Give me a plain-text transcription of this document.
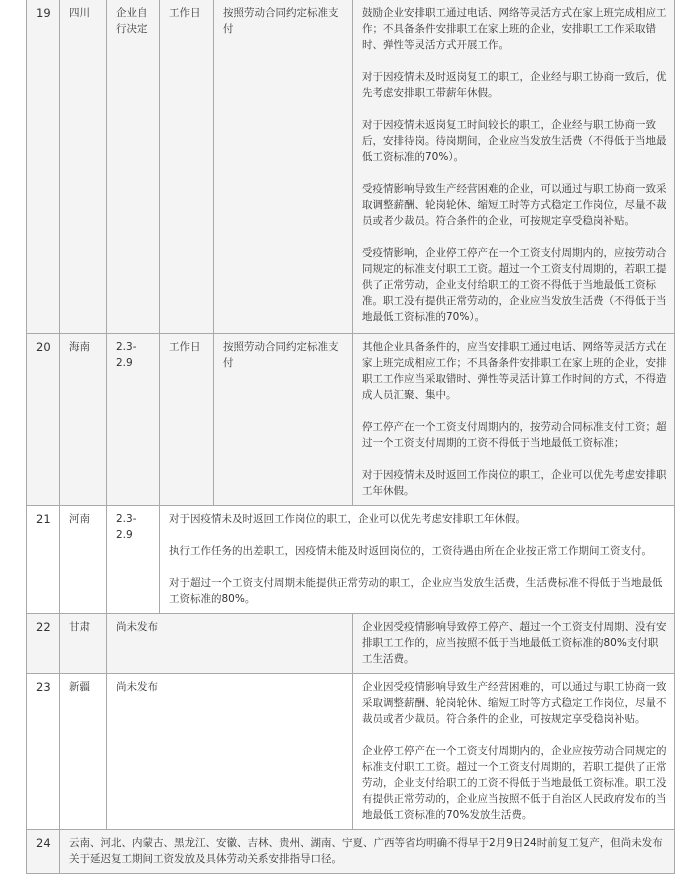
19	四川	企业自行决定	工作日	按照劳动合同约定标准支付	鼓励企业安排职工通过电话、网络等灵活方式在家上班完成相应工作；不具备条件安排职工在家上班的企业，安排职工工作采取错时、弹性等灵活方式开展工作。

对于因疫情未及时返岗复工的职工，企业经与职工协商一致后，优先考虑安排职工带薪年休假。

对于因疫情未返岗复工时间较长的职工，企业经与职工协商一致后，安排待岗。待岗期间，企业应当发放生活费（不得低于当地最低工资标准的70%）。

受疫情影响导致生产经营困难的企业，可以通过与职工协商一致采取调整薪酬、轮岗轮休、缩短工时等方式稳定工作岗位，尽量不裁员或者少裁员。符合条件的企业，可按规定享受稳岗补贴。

受疫情影响，企业停工停产在一个工资支付周期内的，应按劳动合同规定的标准支付职工工资。超过一个工资支付周期的，若职工提供了正常劳动，企业支付给职工的工资不得低于当地最低工资标准。职工没有提供正常劳动的，企业应当发放生活费（不得低于当地最低工资标准的70%）。

20	海南	2.3-2.9	工作日	按照劳动合同约定标准支付	其他企业具备条件的，应当安排职工通过电话、网络等灵活方式在家上班完成相应工作；不具备条件安排职工在家上班的企业，安排职工工作应当采取错时、弹性等灵活计算工作时间的方式，不得造成人员汇聚、集中。

停工停产在一个工资支付周期内的，按劳动合同标准支付工资；超过一个工资支付周期的工资不得低于当地最低工资标准；

对于因疫情未及时返回工作岗位的职工，企业可以优先考虑安排职工年休假。

21	河南	2.3-2.9	对于因疫情未及时返回工作岗位的职工，企业可以优先考虑安排职工年休假。

执行工作任务的出差职工，因疫情未能及时返回岗位的，工资待遇由所在企业按正常工作期间工资支付。

对于超过一个工资支付周期未能提供正常劳动的职工，企业应当发放生活费，生活费标准不得低于当地最低工资标准的80%。		

22	甘肃	尚未发布			企业因受疫情影响导致停工停产、超过一个工资支付周期、没有安排职工工作的，应当按照不低于当地最低工资标准的80%支付职工生活费。

23	新疆	尚未发布			企业因受疫情影响导致生产经营困难的，可以通过与职工协商一致采取调整薪酬、轮岗轮休、缩短工时等方式稳定工作岗位，尽量不裁员或者少裁员。符合条件的企业，可按规定享受稳岗补贴。

企业停工停产在一个工资支付周期内的，企业应按劳动合同规定的标准支付职工工资。超过一个工资支付周期的，若职工提供了正常劳动，企业支付给职工的工资不得低于当地最低工资标准。职工没有提供正常劳动的，企业应当按照不低于自治区人民政府发布的当地最低工资标准的70%发放生活费。

24	云南、河北、内蒙古、黑龙江、安徽、吉林、贵州、湖南、宁夏、广西等省均明确不得早于2月9日24时前复工复产，但尚未发布关于延迟复工期间工资发放及具体劳动关系安排指导口径。				
